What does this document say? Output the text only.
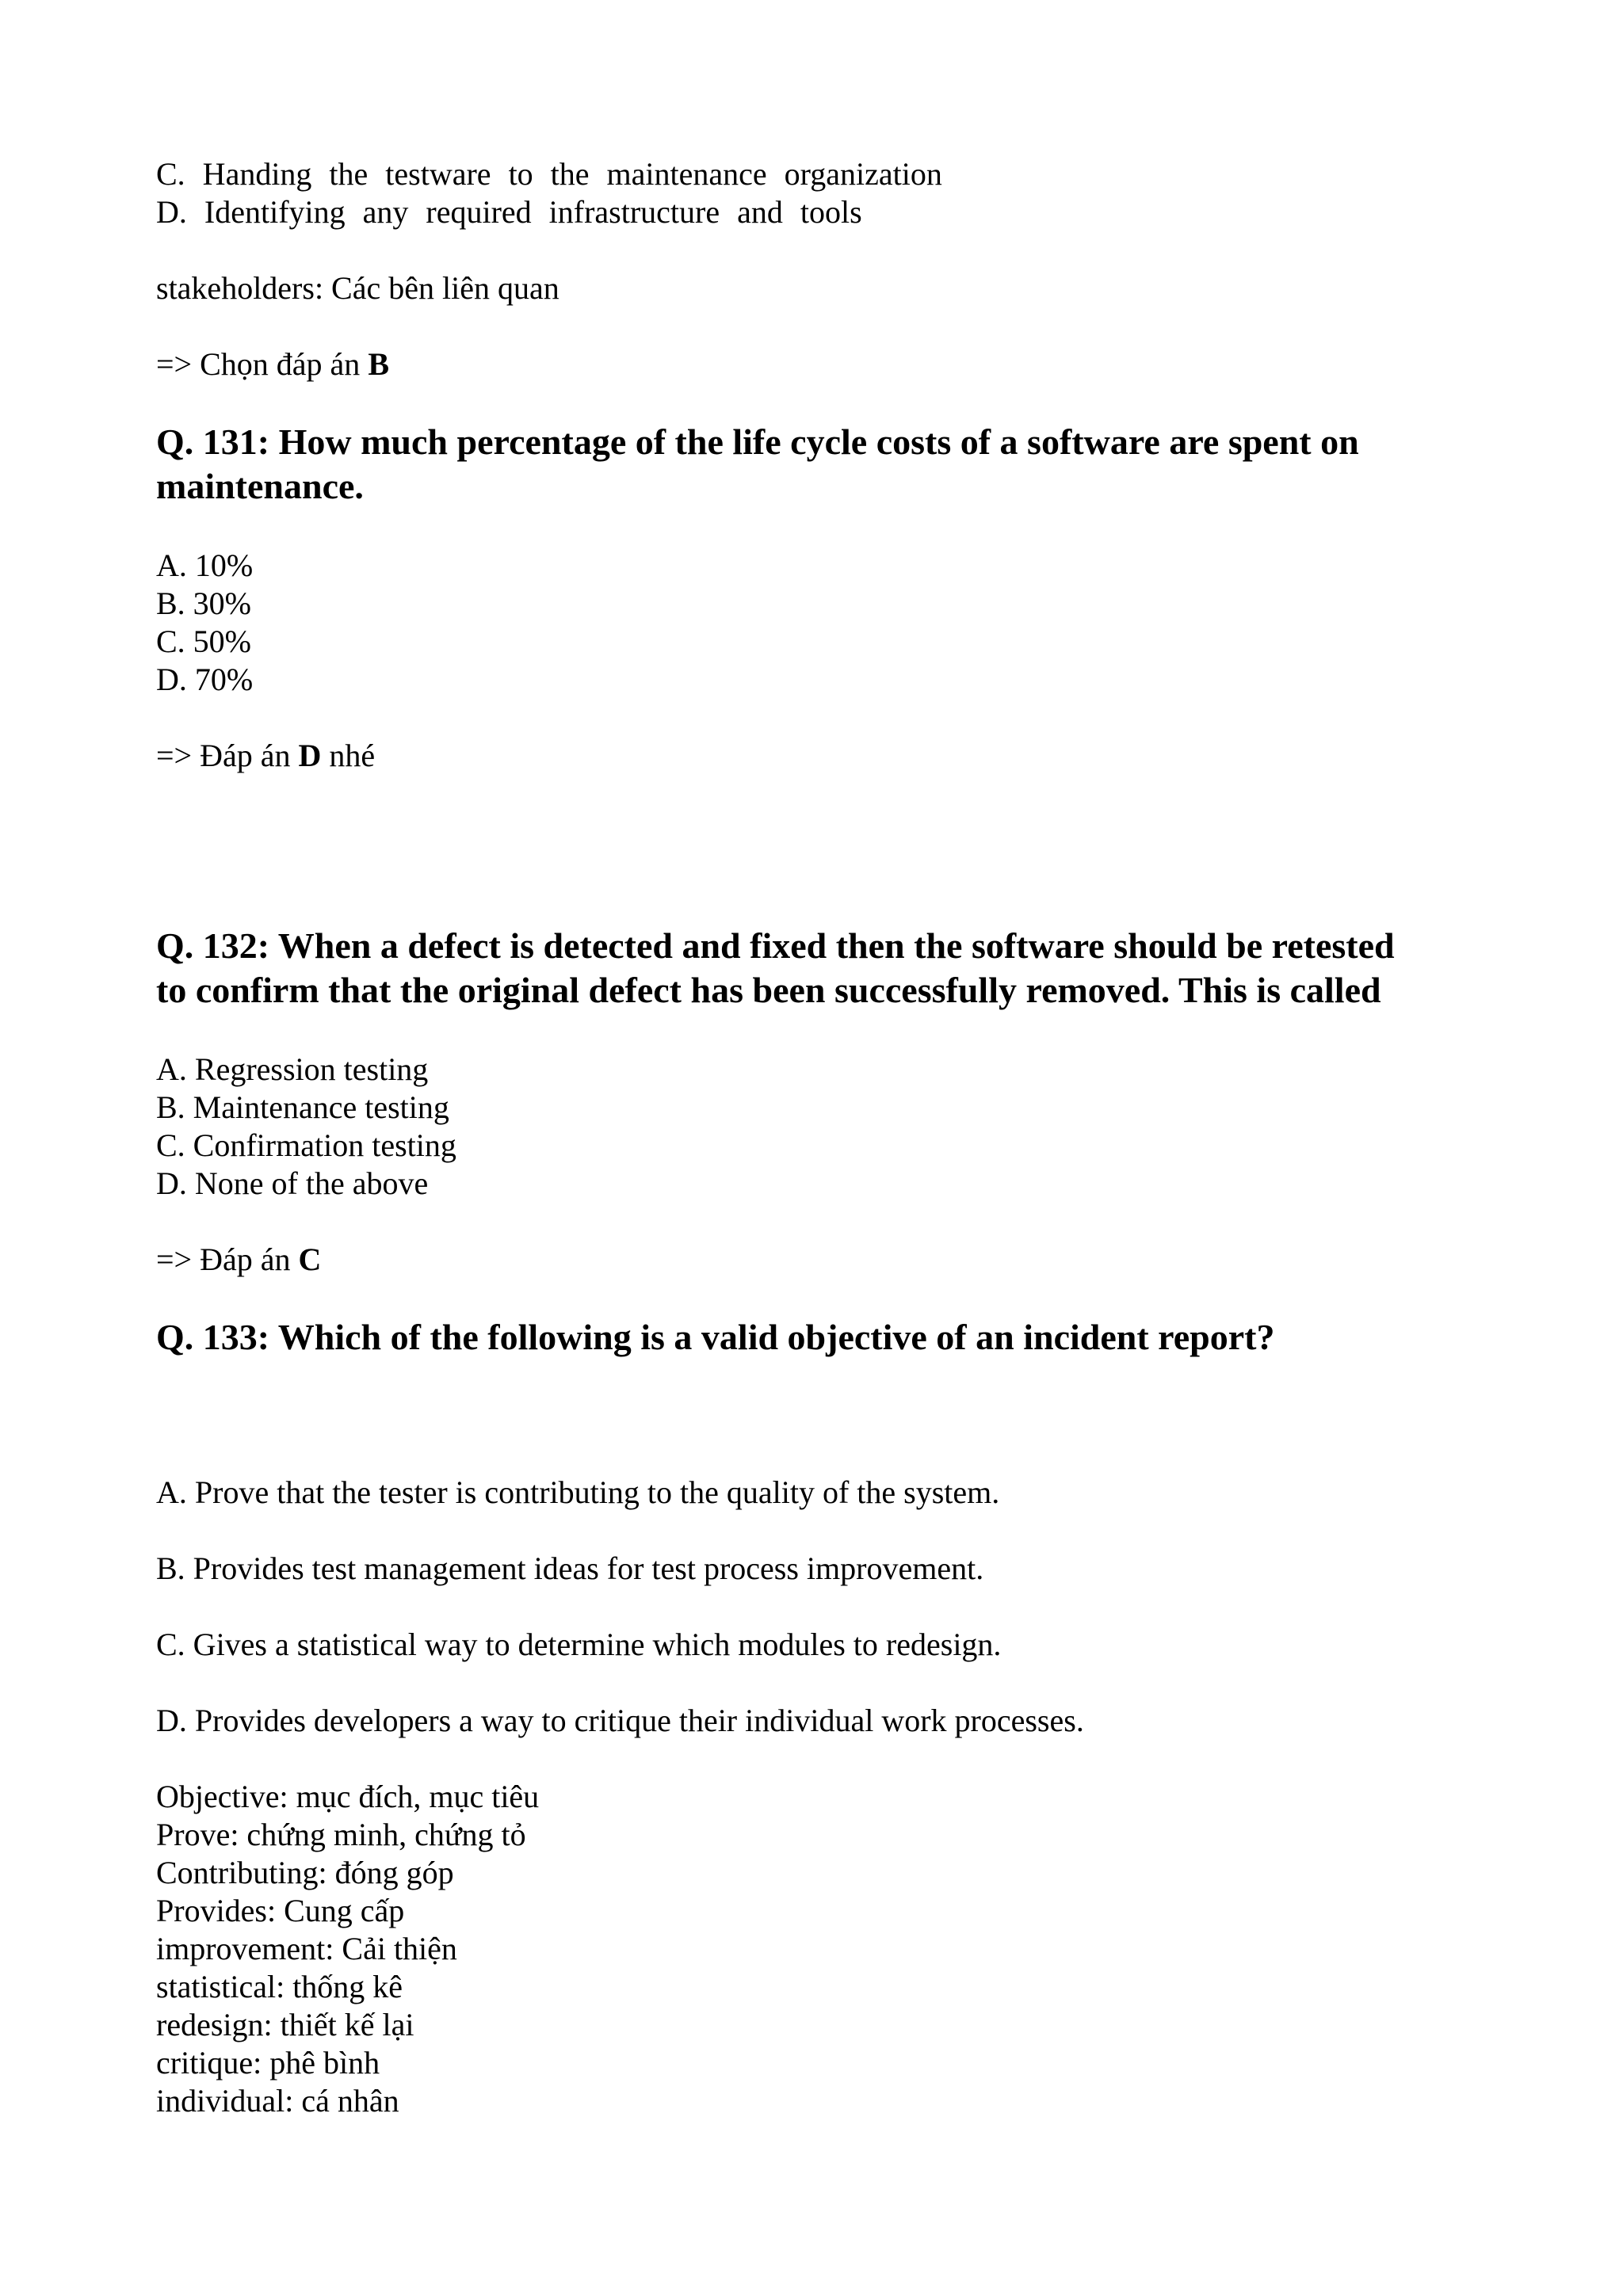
C. Handing the testware to the maintenance organization
D. Identifying any required infrastructure and tools
stakeholders: Các bên liên quan
=> Chọn đáp án B
Q. 131: How much percentage of the life cycle costs of a software are spent on
maintenance.
A. 10%
B. 30%
C. 50%
D. 70%
=> Đáp án D nhé
Q. 132: When a defect is detected and fixed then the software should be retested
to confirm that the original defect has been successfully removed. This is called
A. Regression testing
B. Maintenance testing
C. Confirmation testing
D. None of the above
=> Đáp án C
Q. 133: Which of the following is a valid objective of an incident report?
A. Prove that the tester is contributing to the quality of the system.
B. Provides test management ideas for test process improvement.
C. Gives a statistical way to determine which modules to redesign.
D. Provides developers a way to critique their individual work processes.
Objective: mục đích, mục tiêu
Prove: chứng minh, chứng tỏ
Contributing: đóng góp
Provides: Cung cấp
improvement: Cải thiện
statistical: thống kê
redesign: thiết kế lại
critique: phê bình
individual: cá nhân
